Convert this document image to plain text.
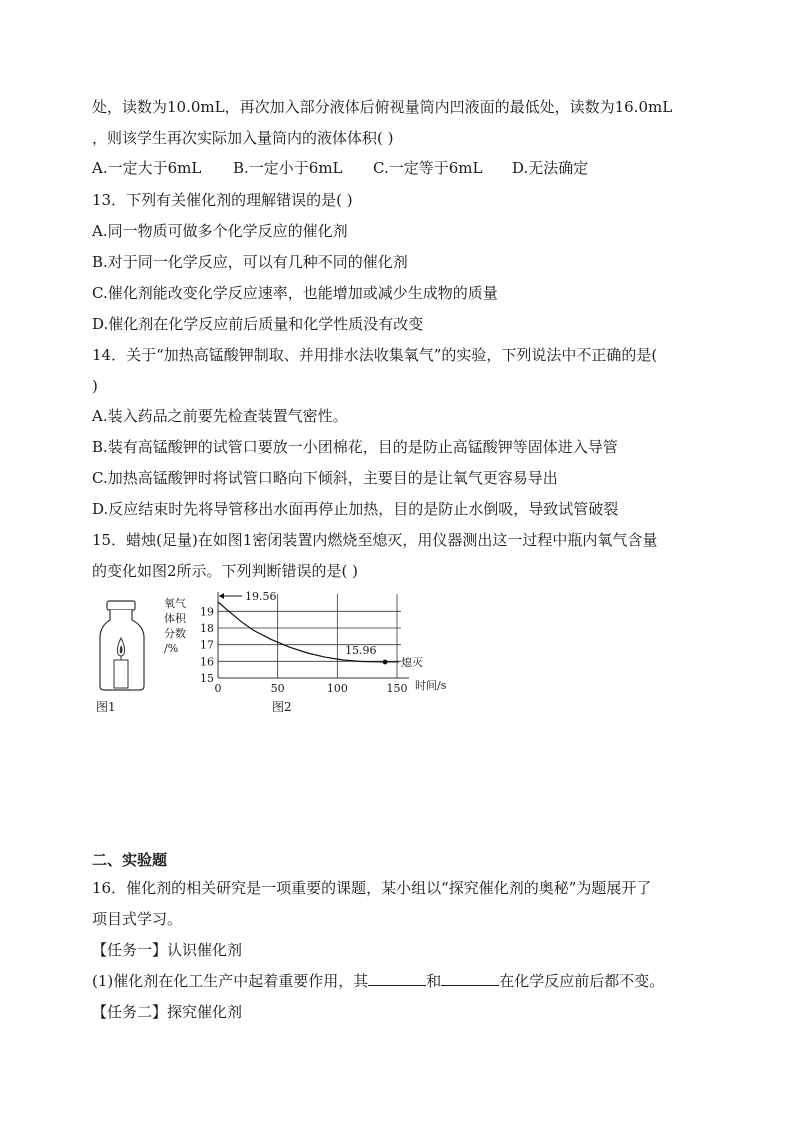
处，读数为10.0mL，再次加入部分液体后俯视量筒内凹液面的最低处，读数为16.0mL
，则该学生再次实际加入量筒内的液体体积( )
A.一定大于6mL B.一定小于6mL C.一定等于6mL D.无法确定
13．下列有关催化剂的理解错误的是( )
A.同一物质可做多个化学反应的催化剂
B.对于同一化学反应，可以有几种不同的催化剂
C.催化剂能改变化学反应速率，也能增加或减少生成物的质量
D.催化剂在化学反应前后质量和化学性质没有改变
14．关于“加热高锰酸钾制取、并用排水法收集氧气”的实验，下列说法中不正确的是(
)
A.装入药品之前要先检查装置气密性。
B.装有高锰酸钾的试管口要放一小团棉花，目的是防止高锰酸钾等固体进入导管
C.加热高锰酸钾时将试管口略向下倾斜，主要目的是让氧气更容易导出
D.反应结束时先将导管移出水面再停止加热，目的是防止水倒吸，导致试管破裂
15．蜡烛(足量)在如图1密闭装置内燃烧至熄灭，用仪器测出这一过程中瓶内氧气含量
的变化如图2所示。下列判断错误的是( )
图1
氧气
体积
分数
/%
19
18
17
16
15
0	50	100	150
19.56
15.96
熄灭
时间/s
图2
二、实验题
16．催化剂的相关研究是一项重要的课题，某小组以“探究催化剂的奥秘”为题展开了
项目式学习。
【任务一】认识催化剂
(1)催化剂在化工生产中起着重要作用，其	和	在化学反应前后都不变。
【任务二】探究催化剂
